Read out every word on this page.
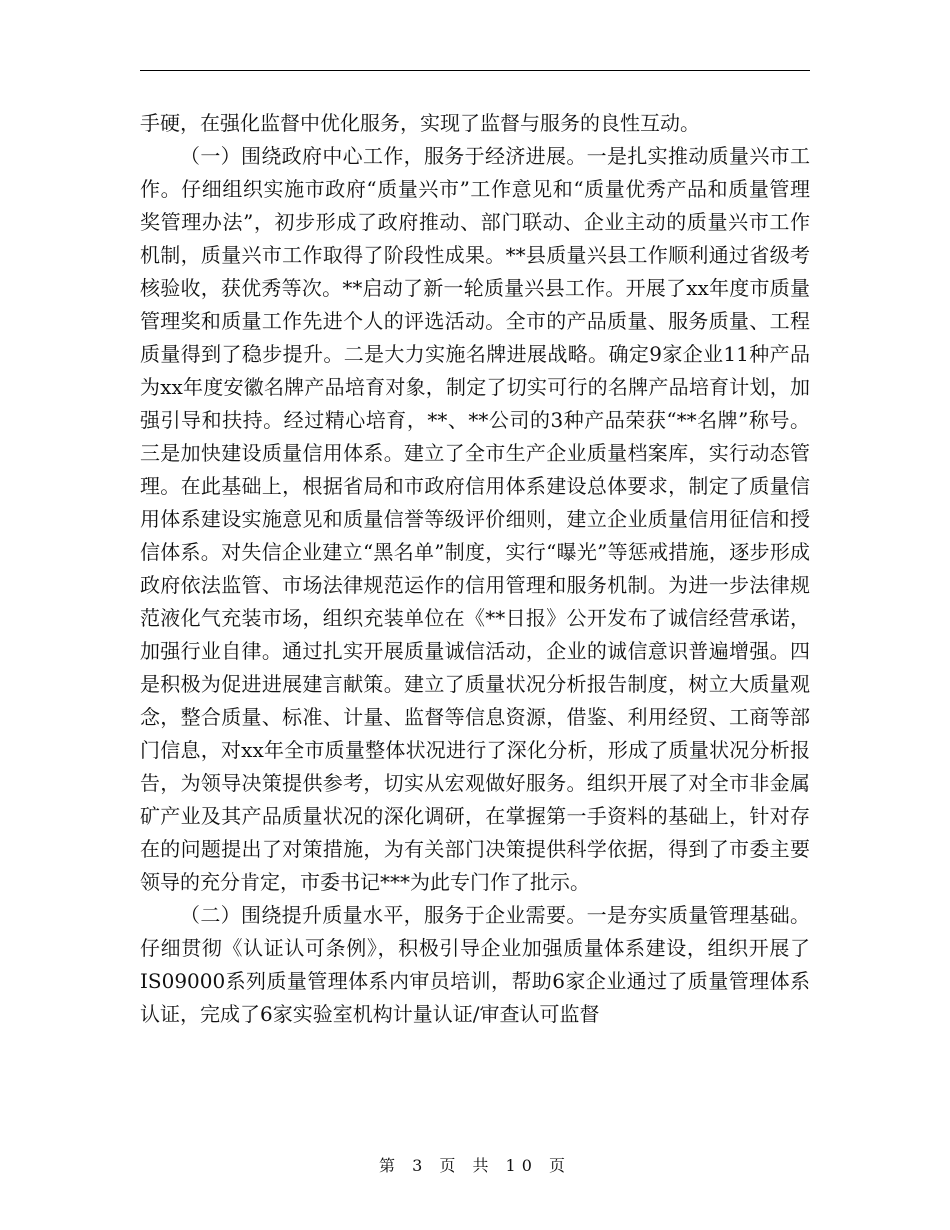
手硬，在强化监督中优化服务，实现了监督与服务的良性互动。

（一）围绕政府中心工作，服务于经济进展。一是扎实推动质量兴市工作。仔细组织实施市政府“质量兴市”工作意见和“质量优秀产品和质量管理奖管理办法”，初步形成了政府推动、部门联动、企业主动的质量兴市工作机制，质量兴市工作取得了阶段性成果。**县质量兴县工作顺利通过省级考核验收，获优秀等次。**启动了新一轮质量兴县工作。开展了xx年度市质量管理奖和质量工作先进个人的评选活动。全市的产品质量、服务质量、工程质量得到了稳步提升。二是大力实施名牌进展战略。确定9家企业11种产品为xx年度安徽名牌产品培育对象，制定了切实可行的名牌产品培育计划，加强引导和扶持。经过精心培育，**、**公司的3种产品荣获“**名牌”称号。三是加快建设质量信用体系。建立了全市生产企业质量档案库，实行动态管理。在此基础上，根据省局和市政府信用体系建设总体要求，制定了质量信用体系建设实施意见和质量信誉等级评价细则，建立企业质量信用征信和授信体系。对失信企业建立“黑名单”制度，实行“曝光”等惩戒措施，逐步形成政府依法监管、市场法律规范运作的信用管理和服务机制。为进一步法律规范液化气充装市场，组织充装单位在《**日报》公开发布了诚信经营承诺，加强行业自律。通过扎实开展质量诚信活动，企业的诚信意识普遍增强。四是积极为促进进展建言献策。建立了质量状况分析报告制度，树立大质量观念，整合质量、标准、计量、监督等信息资源，借鉴、利用经贸、工商等部门信息，对xx年全市质量整体状况进行了深化分析，形成了质量状况分析报告，为领导决策提供参考，切实从宏观做好服务。组织开展了对全市非金属矿产业及其产品质量状况的深化调研，在掌握第一手资料的基础上，针对存在的问题提出了对策措施，为有关部门决策提供科学依据，得到了市委主要领导的充分肯定，市委书记***为此专门作了批示。

（二）围绕提升质量水平，服务于企业需要。一是夯实质量管理基础。仔细贯彻《认证认可条例》，积极引导企业加强质量体系建设，组织开展了IS09000系列质量管理体系内审员培训，帮助6家企业通过了质量管理体系认证，完成了6家实验室机构计量认证/审查认可监督

第 3 页 共 10 页
